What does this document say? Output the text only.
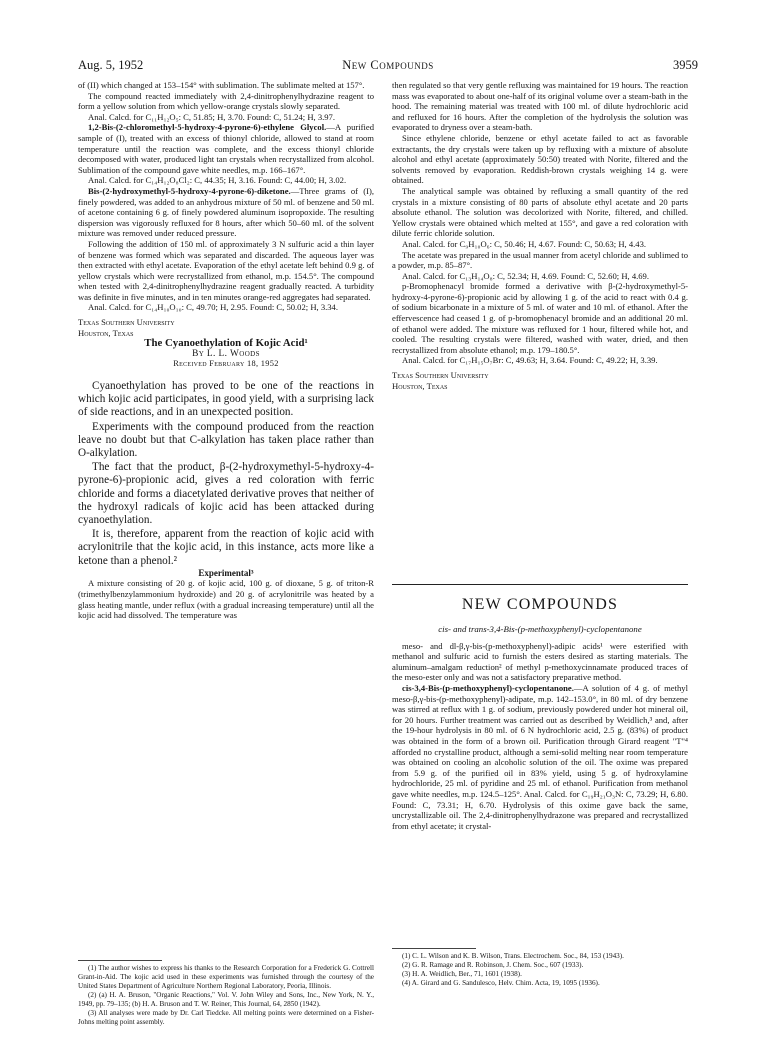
Aug. 5, 1952	New Compounds	3959

of (II) which changed at 153–154° with sublimation. The sublimate melted at 157°.

The compound reacted immediately with 2,4-dinitrophenylhydrazine reagent to form a yellow solution from which yellow-orange crystals slowly separated.

Anal. Calcd. for C₁₁H₁₂O₅: C, 51.85; H, 3.70. Found: C, 51.24; H, 3.97.

1,2-Bis-(2-chloromethyl-5-hydroxy-4-pyrone-6)-ethylene Glycol.—A purified sample of (I), treated with an excess of thionyl chloride, allowed to stand at room temperature until the reaction was complete, and the excess thionyl chloride decomposed with water, produced light tan crystals when recrystallized from alcohol. Sublimation of the compound gave white needles, m.p. 166–167°.

Anal. Calcd. for C₁₄H₁₂O₈Cl₂: C, 44.35; H, 3.16. Found: C, 44.00; H, 3.02.

Bis-(2-hydroxymethyl-5-hydroxy-4-pyrone-6)-diketone.—Three grams of (I), finely powdered, was added to an anhydrous mixture of 50 ml. of benzene and 50 ml. of acetone containing 6 g. of finely powdered aluminum isopropoxide. The resulting dispersion was vigorously refluxed for 8 hours, after which 50–60 ml. of the solvent mixture was removed under reduced pressure.

Following the addition of 150 ml. of approximately 3 N sulfuric acid a thin layer of benzene was formed which was separated and discarded. The aqueous layer was then extracted with ethyl acetate. Evaporation of the ethyl acetate left behind 0.9 g. of yellow crystals which were recrystallized from ethanol, m.p. 154.5°. The compound when tested with 2,4-dinitrophenylhydrazine reagent gradually reacted. A turbidity was definite in five minutes, and in ten minutes orange-red aggregates had separated.

Anal. Calcd. for C₁₄H₁₀O₁₀: C, 49.70; H, 2.95. Found: C, 50.02; H, 3.34.

Texas Southern University

Houston, Texas

The Cyanoethylation of Kojic Acid¹

By L. L. Woods

Received February 18, 1952

Cyanoethylation has proved to be one of the reactions in which kojic acid participates, in good yield, with a surprising lack of side reactions, and in an unexpected position.

Experiments with the compound produced from the reaction leave no doubt but that C-alkylation has taken place rather than O-alkylation.

The fact that the product, β-(2-hydroxymethyl-5-hydroxy-4-pyrone-6)-propionic acid, gives a red coloration with ferric chloride and forms a diacetylated derivative proves that neither of the hydroxyl radicals of kojic acid has been attacked during cyanoethylation.

It is, therefore, apparent from the reaction of kojic acid with acrylonitrile that the kojic acid, in this instance, acts more like a ketone than a phenol.²

Experimental³

A mixture consisting of 20 g. of kojic acid, 100 g. of dioxane, 5 g. of triton-R (trimethylbenzylammonium hydroxide) and 20 g. of acrylonitrile was heated by a glass heating mantle, under reflux (with a gradual increasing temperature) until all the kojic acid had dissolved. The temperature was

(1) The author wishes to express his thanks to the Research Corporation for a Frederick G. Cottrell Grant-in-Aid. The kojic acid used in these experiments was furnished through the courtesy of the United States Department of Agriculture Northern Regional Laboratory, Peoria, Illinois.

(2) (a) H. A. Bruson, "Organic Reactions," Vol. V. John Wiley and Sons, Inc., New York, N. Y., 1949, pp. 79–135; (b) H. A. Bruson and T. W. Reiner, This Journal, 64, 2850 (1942).

(3) All analyses were made by Dr. Carl Tiedcke. All melting points were determined on a Fisher-Johns melting point assembly.

then regulated so that very gentle refluxing was maintained for 19 hours. The reaction mass was evaporated to about one-half of its original volume over a steam-bath in the hood. The remaining material was treated with 100 ml. of dilute hydrochloric acid and refluxed for 16 hours. After the completion of the hydrolysis the solution was evaporated to dryness over a steam-bath.

Since ethylene chloride, benzene or ethyl acetate failed to act as favorable extractants, the dry crystals were taken up by refluxing with a mixture of absolute alcohol and ethyl acetate (approximately 50:50) treated with Norite, filtered and the solvents removed by evaporation. Reddish-brown crystals weighing 14 g. were obtained.

The analytical sample was obtained by refluxing a small quantity of the red crystals in a mixture consisting of 80 parts of absolute ethyl acetate and 20 parts absolute ethanol. The solution was decolorized with Norite, filtered, and chilled. Yellow crystals were obtained which melted at 155°, and gave a red coloration with dilute ferric chloride solution.

Anal. Calcd. for C₉H₁₀O₆: C, 50.46; H, 4.67. Found: C, 50.63; H, 4.43.

The acetate was prepared in the usual manner from acetyl chloride and sublimed to a powder, m.p. 85–87°.

Anal. Calcd. for C₁₃H₁₄O₈: C, 52.34; H, 4.69. Found: C, 52.60; H, 4.69.

p-Bromophenacyl bromide formed a derivative with β-(2-hydroxymethyl-5-hydroxy-4-pyrone-6)-propionic acid by allowing 1 g. of the acid to react with 0.4 g. of sodium bicarbonate in a mixture of 5 ml. of water and 10 ml. of ethanol. After the effervescence had ceased 1 g. of p-bromophenacyl bromide and an additional 20 ml. of ethanol were added. The mixture was refluxed for 1 hour, filtered while hot, and cooled. The resulting crystals were filtered, washed with water, dried, and then recrystallized from absolute ethanol; m.p. 179–180.5°.

Anal. Calcd. for C₁₇H₁₅O₇Br: C, 49.63; H, 3.64. Found: C, 49.22; H, 3.39.

Texas Southern University

Houston, Texas

NEW COMPOUNDS

cis- and trans-3,4-Bis-(p-methoxyphenyl)-cyclopentanone

meso- and dl-β,γ-bis-(p-methoxyphenyl)-adipic acids¹ were esterified with methanol and sulfuric acid to furnish the esters desired as starting materials. The aluminum–amalgam reduction² of methyl p-methoxycinnamate produced traces of the meso-ester only and was not a satisfactory preparative method.

cis-3,4-Bis-(p-methoxyphenyl)-cyclopentanone.—A solution of 4 g. of methyl meso-β,γ-bis-(p-methoxyphenyl)-adipate, m.p. 142–153.0°, in 80 ml. of dry benzene was stirred at reflux with 1 g. of sodium, previously powdered under hot mineral oil, for 20 hours. Further treatment was carried out as described by Weidlich,³ and, after the 19-hour hydrolysis in 80 ml. of 6 N hydrochloric acid, 2.5 g. (83%) of product was obtained in the form of a brown oil. Purification through Girard reagent "T"⁴ afforded no crystalline product, although a semi-solid melting near room temperature was obtained on cooling an alcoholic solution of the oil. The oxime was prepared from 5.9 g. of the purified oil in 83% yield, using 5 g. of hydroxylamine hydrochloride, 25 ml. of pyridine and 25 ml. of ethanol. Purification from methanol gave white needles, m.p. 124.5–125°. Anal. Calcd. for C₁₉H₂₁O₃N: C, 73.29; H, 6.80. Found: C, 73.31; H, 6.70. Hydrolysis of this oxime gave back the same, uncrystallizable oil. The 2,4-dinitrophenylhydrazone was prepared and recrystallized from ethyl acetate; it crystal-

(1) C. L. Wilson and K. B. Wilson, Trans. Electrochem. Soc., 84, 153 (1943).

(2) G. R. Ramage and R. Robinson, J. Chem. Soc., 607 (1933).

(3) H. A. Weidlich, Ber., 71, 1601 (1938).

(4) A. Girard and G. Sandulesco, Helv. Chim. Acta, 19, 1095 (1936).
